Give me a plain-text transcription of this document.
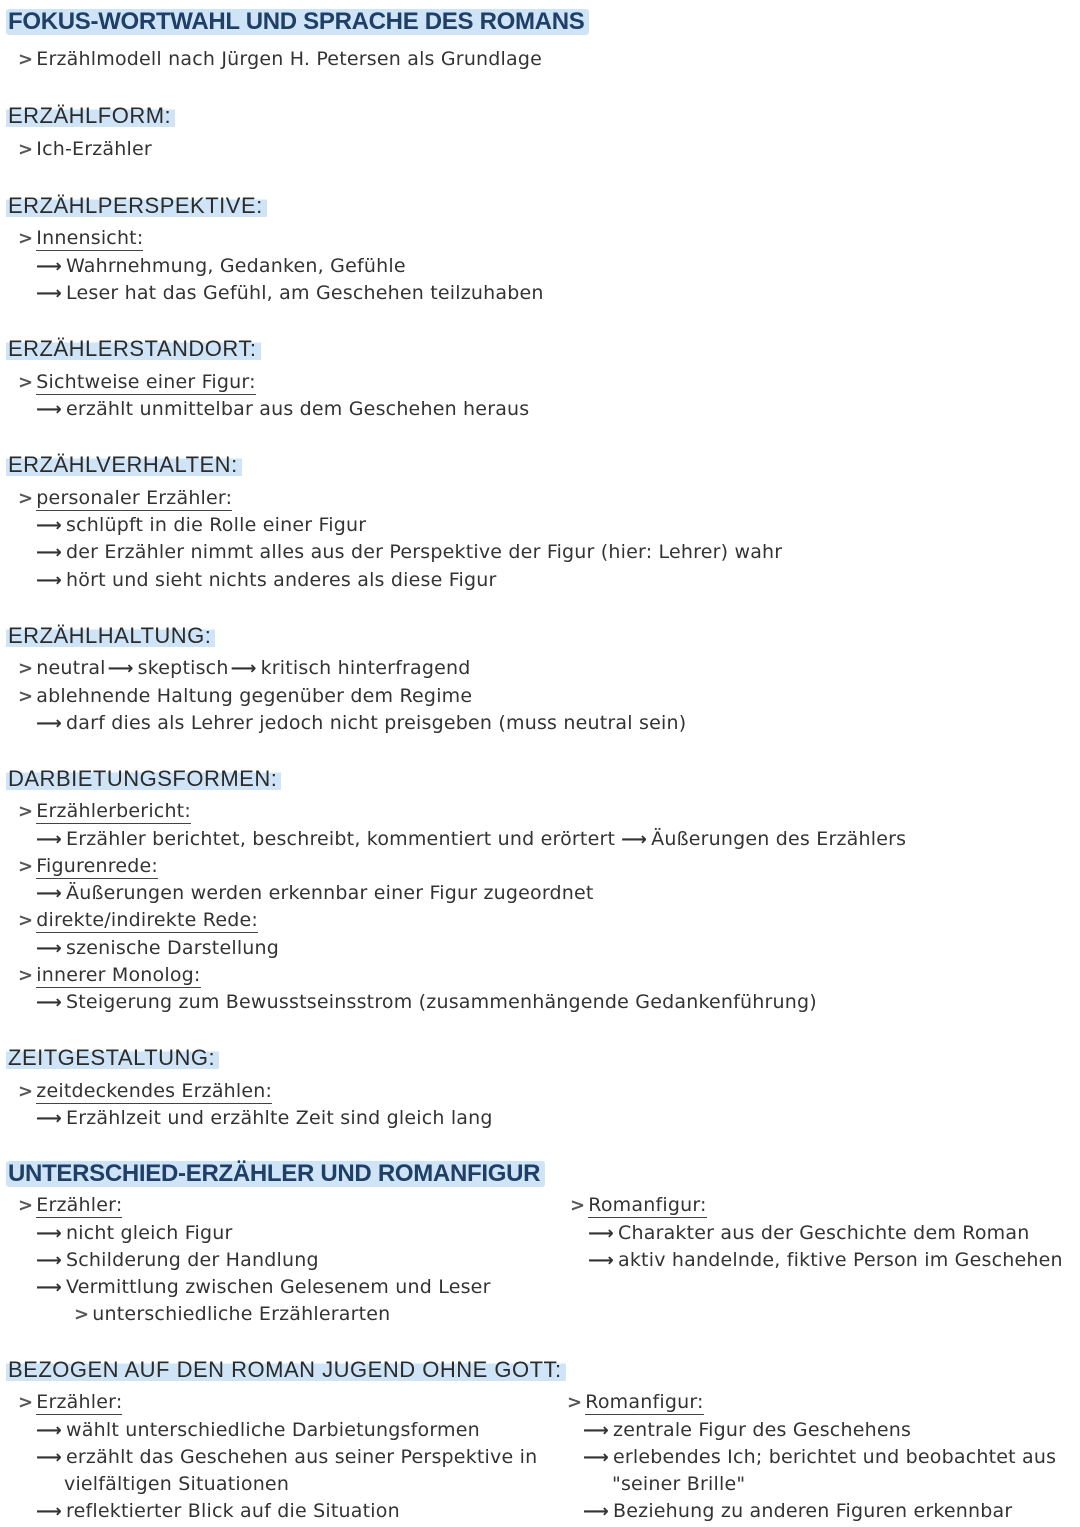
FOKUS-WORTWAHL UND SPRACHE DES ROMANS
> Erzählmodell nach Jürgen H. Petersen als Grundlage
ERZÄHLFORM:
> Ich-Erzähler
ERZÄHLPERSPEKTIVE:
> Innensicht:
⟶ Wahrnehmung, Gedanken, Gefühle
⟶ Leser hat das Gefühl, am Geschehen teilzuhaben
ERZÄHLERSTANDORT:
> Sichtweise einer Figur:
⟶ erzählt unmittelbar aus dem Geschehen heraus
ERZÄHLVERHALTEN:
> personaler Erzähler:
⟶ schlüpft in die Rolle einer Figur
⟶ der Erzähler nimmt alles aus der Perspektive der Figur (hier: Lehrer) wahr
⟶ hört und sieht nichts anderes als diese Figur
ERZÄHLHALTUNG:
> neutral ⟶ skeptisch ⟶ kritisch hinterfragend
> ablehnende Haltung gegenüber dem Regime
⟶ darf dies als Lehrer jedoch nicht preisgeben (muss neutral sein)
DARBIETUNGSFORMEN:
> Erzählerbericht:
⟶ Erzähler berichtet, beschreibt, kommentiert und erörtert ⟶ Äußerungen des Erzählers
> Figurenrede:
⟶ Äußerungen werden erkennbar einer Figur zugeordnet
> direkte/indirekte Rede:
⟶ szenische Darstellung
> innerer Monolog:
⟶ Steigerung zum Bewusstseinsstrom (zusammenhängende Gedankenführung)
ZEITGESTALTUNG:
> zeitdeckendes Erzählen:
⟶ Erzählzeit und erzählte Zeit sind gleich lang
UNTERSCHIED-ERZÄHLER UND ROMANFIGUR
> Erzähler:
⟶ nicht gleich Figur
⟶ Schilderung der Handlung
⟶ Vermittlung zwischen Gelesenem und Leser
> unterschiedliche Erzählerarten
> Romanfigur:
⟶ Charakter aus der Geschichte dem Roman
⟶ aktiv handelnde, fiktive Person im Geschehen
BEZOGEN AUF DEN ROMAN JUGEND OHNE GOTT:
> Erzähler:
⟶ wählt unterschiedliche Darbietungsformen
⟶ erzählt das Geschehen aus seiner Perspektive in
vielfältigen Situationen
⟶ reflektierter Blick auf die Situation
> Romanfigur:
⟶ zentrale Figur des Geschehens
⟶ erlebendes Ich; berichtet und beobachtet aus
"seiner Brille"
⟶ Beziehung zu anderen Figuren erkennbar
